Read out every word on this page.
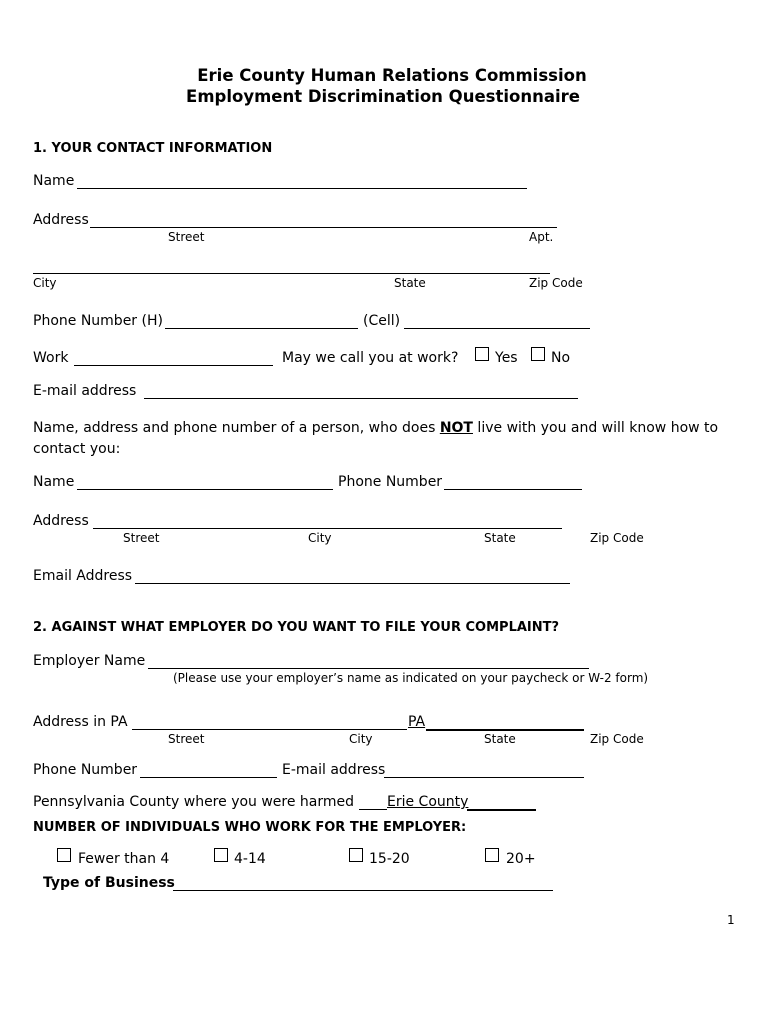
Erie County Human Relations Commission
Employment Discrimination Questionnaire
1. YOUR CONTACT INFORMATION
Name
Address
Street	Apt.
City	State	Zip Code
Phone Number (H)	(Cell)
Work	May we call you at work?	Yes No
E-mail address
Name, address and phone number of a person, who does NOT live with you and will know how to
contact you:
Name	Phone Number
Address
Street	City	State	Zip Code
Email Address
2. AGAINST WHAT EMPLOYER DO YOU WANT TO FILE YOUR COMPLAINT?
Employer Name
(Please use your employer’s name as indicated on your paycheck or W-2 form)
Address in PA	PA
Street	City	State	Zip Code
Phone Number	E-mail address
Pennsylvania County where you were harmed Erie County
NUMBER OF INDIVIDUALS WHO WORK FOR THE EMPLOYER:
Fewer than 4	4-14	15-20	20+
Type of Business
1
